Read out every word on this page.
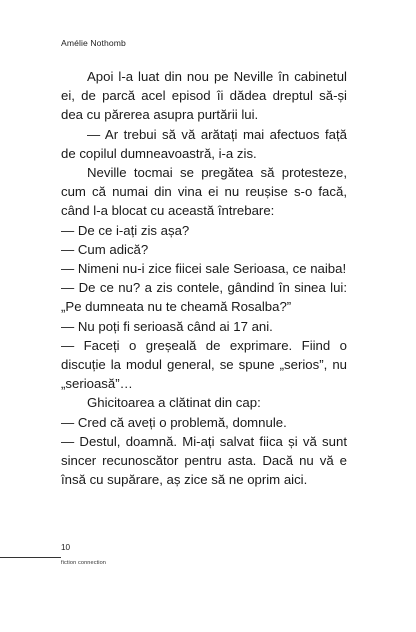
Amélie Nothomb

Apoi l-a luat din nou pe Neville în cabinetul ei, de parcă acel episod îi dădea dreptul să-și dea cu părerea asupra purtării lui.

— Ar trebui să vă arătați mai afectuos față de copilul dumneavoastră, i-a zis.

Neville tocmai se pregătea să protesteze, cum că numai din vina ei nu reușise s-o facă, când l-a blocat cu această întrebare:

— De ce i-ați zis așa?

— Cum adică?

— Nimeni nu-i zice fiicei sale Serioasa, ce naiba!

— De ce nu? a zis contele, gândind în sinea lui: „Pe dumneata nu te cheamă Rosalba?”

— Nu poți fi serioasă când ai 17 ani.

— Faceți o greșeală de exprimare. Fiind o discuție la modul general, se spune „serios”, nu „serioasă”…

Ghicitoarea a clătinat din cap:

— Cred că aveți o problemă, domnule.

— Destul, doamnă. Mi-ați salvat fiica și vă sunt sincer recunoscător pentru asta. Dacă nu vă e însă cu supărare, aș zice să ne oprim aici.

10
fiction connection
